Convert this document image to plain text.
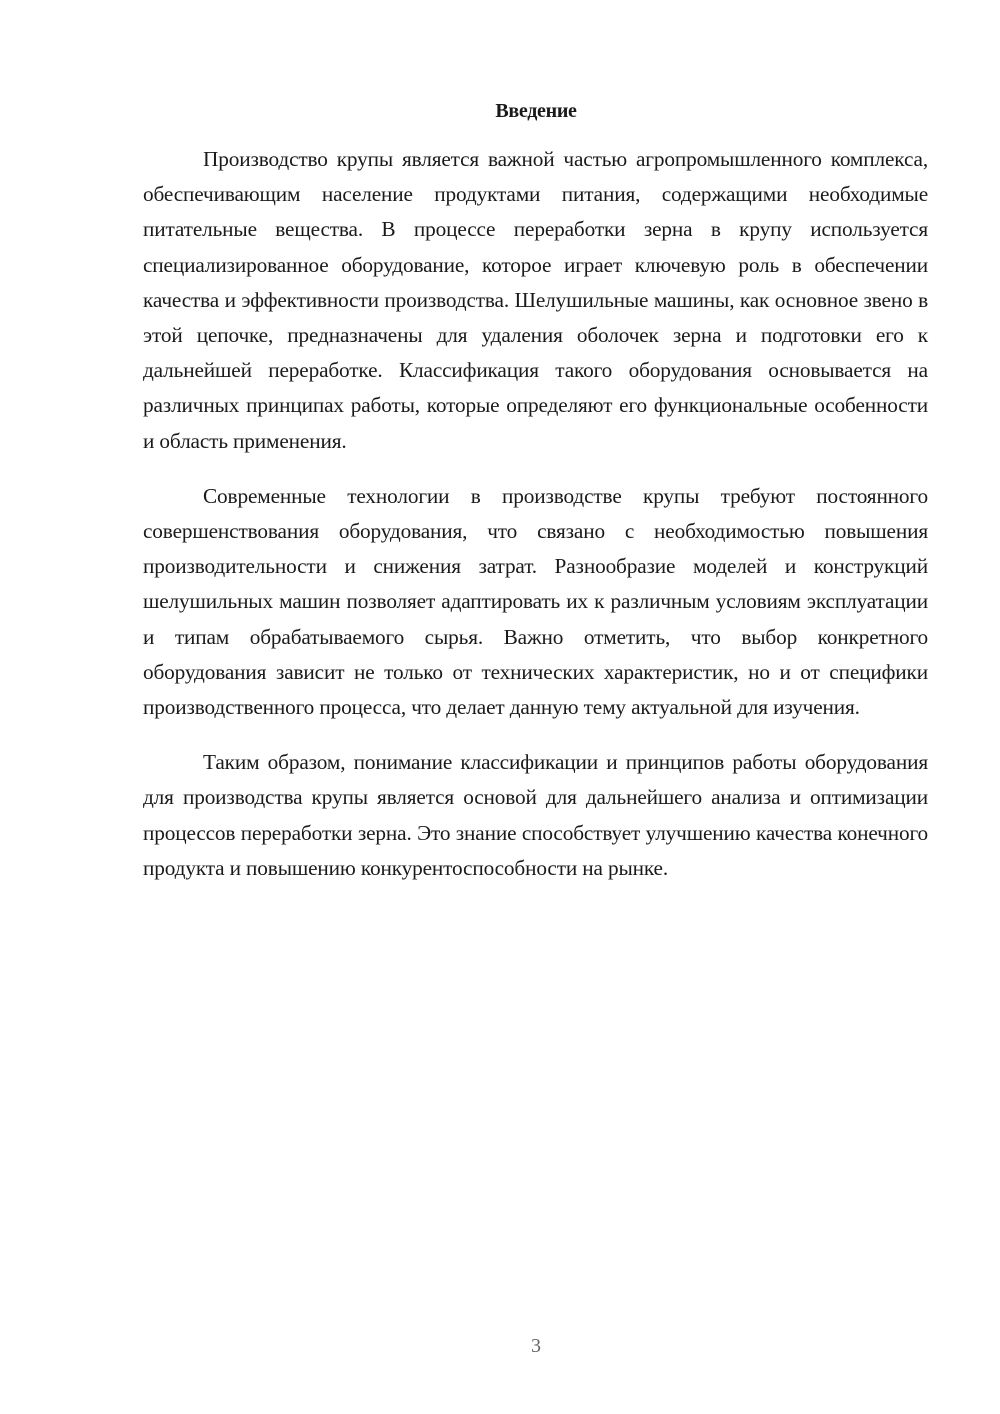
Введение

Производство крупы является важной частью агропромышленного комплекса, обеспечивающим население продуктами питания, содержащими необходимые питательные вещества. В процессе переработки зерна в крупу используется специализированное оборудование, которое играет ключевую роль в обеспечении качества и эффективности производства. Шелушильные машины, как основное звено в этой цепочке, предназначены для удаления оболочек зерна и подготовки его к дальнейшей переработке. Классификация такого оборудования основывается на различных принципах работы, которые определяют его функциональные особенности и область применения.

Современные технологии в производстве крупы требуют постоянного совершенствования оборудования, что связано с необходимостью повышения производительности и снижения затрат. Разнообразие моделей и конструкций шелушильных машин позволяет адаптировать их к различным условиям эксплуатации и типам обрабатываемого сырья. Важно отметить, что выбор конкретного оборудования зависит не только от технических характеристик, но и от специфики производственного процесса, что делает данную тему актуальной для изучения.

Таким образом, понимание классификации и принципов работы оборудования для производства крупы является основой для дальнейшего анализа и оптимизации процессов переработки зерна. Это знание способствует улучшению качества конечного продукта и повышению конкурентоспособности на рынке.

3
